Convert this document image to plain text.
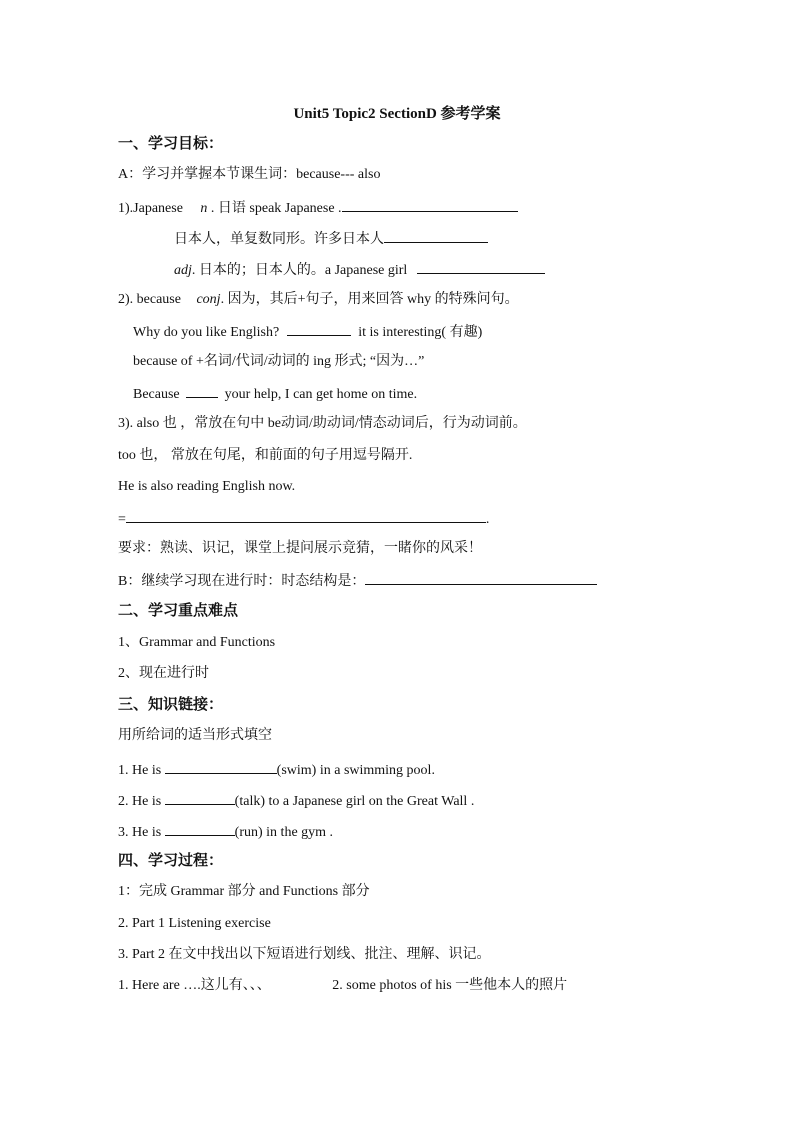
Unit5 Topic2 SectionD 参考学案
一、学习目标：
A：学习并掌握本节课生词：because--- also
1).Japanese n . 日语 speak Japanese .
日本人，单复数同形。许多日本人
adj. 日本的；日本人的。a Japanese girl
2). because conj. 因为，其后+句子，用来回答 why 的特殊问句。
Why do you like English?	it is interesting( 有趣)
because of +名词/代词/动词的 ing 形式; “因为…”
Because	your help, I can get home on time.
3). also 也 ，常放在句中 be动词/助动词/情态动词后，行为动词前。
too 也， 常放在句尾，和前面的句子用逗号隔开.
He is also reading English now.
=	.
要求：熟读、识记，课堂上提问展示竞猜，一睹你的风采！
B：继续学习现在进行时：时态结构是：
二、学习重点难点
1、Grammar and Functions
2、现在进行时
三、知识链接：
用所给词的适当形式填空
1. He is	(swim) in a swimming pool.
2. He is	(talk) to a Japanese girl on the Great Wall .
3. He is	(run) in the gym .
四、学习过程：
1：完成 Grammar 部分 and Functions 部分
2. Part 1 Listening exercise
3. Part 2 在文中找出以下短语进行划线、批注、理解、识记。
1. Here are ….这儿有、、、	2. some photos of his 一些他本人的照片
